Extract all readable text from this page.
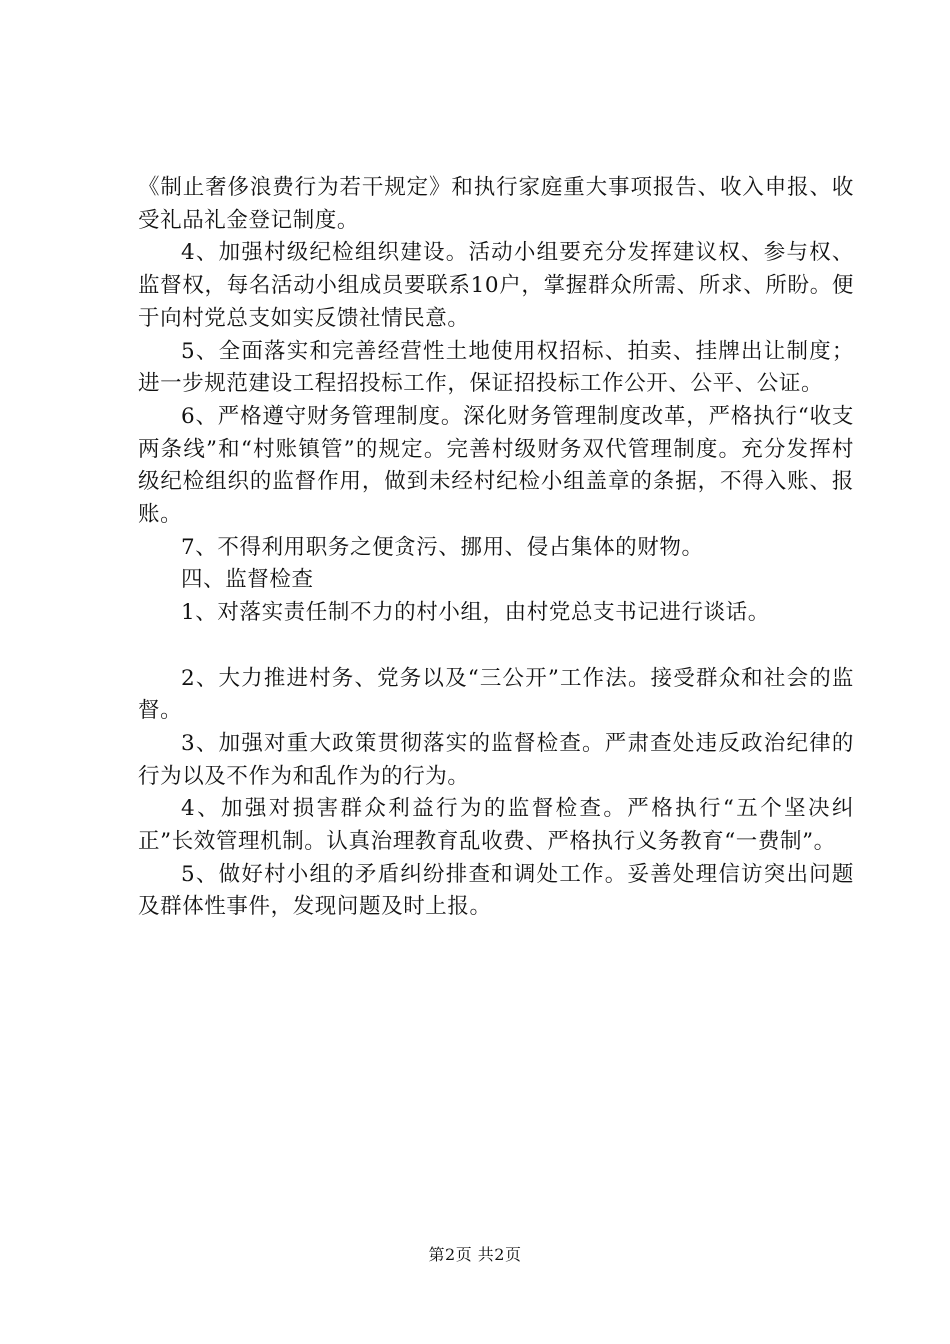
《制止奢侈浪费行为若干规定》和执行家庭重大事项报告、收入申报、收受礼品礼金登记制度。

4、加强村级纪检组织建设。活动小组要充分发挥建议权、参与权、监督权，每名活动小组成员要联系10户，掌握群众所需、所求、所盼。便于向村党总支如实反馈社情民意。

5、全面落实和完善经营性土地使用权招标、拍卖、挂牌出让制度；进一步规范建设工程招投标工作，保证招投标工作公开、公平、公证。

6、严格遵守财务管理制度。深化财务管理制度改革，严格执行“收支两条线”和“村账镇管”的规定。完善村级财务双代管理制度。充分发挥村级纪检组织的监督作用，做到未经村纪检小组盖章的条据，不得入账、报账。

7、不得利用职务之便贪污、挪用、侵占集体的财物。

四、监督检查

1、对落实责任制不力的村小组，由村党总支书记进行谈话。

2、大力推进村务、党务以及“三公开”工作法。接受群众和社会的监督。

3、加强对重大政策贯彻落实的监督检查。严肃查处违反政治纪律的行为以及不作为和乱作为的行为。

4、加强对损害群众利益行为的监督检查。严格执行“五个坚决纠正”长效管理机制。认真治理教育乱收费、严格执行义务教育“一费制”。

5、做好村小组的矛盾纠纷排查和调处工作。妥善处理信访突出问题及群体性事件，发现问题及时上报。

第2页 共2页
